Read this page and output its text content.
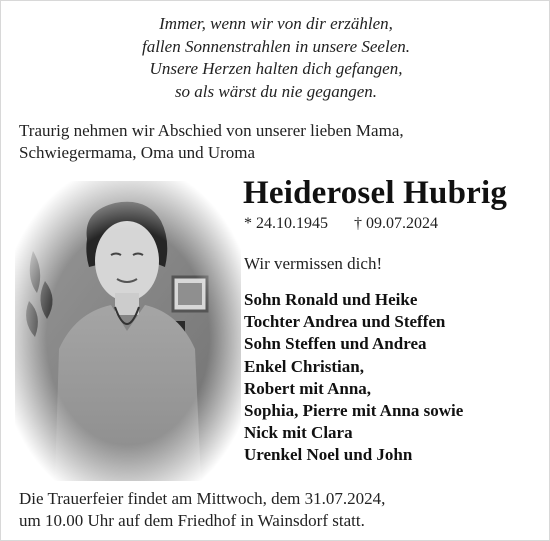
Immer, wenn wir von dir erzählen,
fallen Sonnenstrahlen in unsere Seelen.
Unsere Herzen halten dich gefangen,
so als wärst du nie gegangen.
Traurig nehmen wir Abschied von unserer lieben Mama,
Schwiegermama, Oma und Uroma
Heiderosel Hubrig
* 24.10.1945 † 09.07.2024
Wir vermissen dich!
Sohn Ronald und Heike
Tochter Andrea und Steffen
Sohn Steffen und Andrea
Enkel Christian,
Robert mit Anna,
Sophia, Pierre mit Anna sowie
Nick mit Clara
Urenkel Noel und John
Die Trauerfeier findet am Mittwoch, dem 31.07.2024,
um 10.00 Uhr auf dem Friedhof in Wainsdorf statt.
